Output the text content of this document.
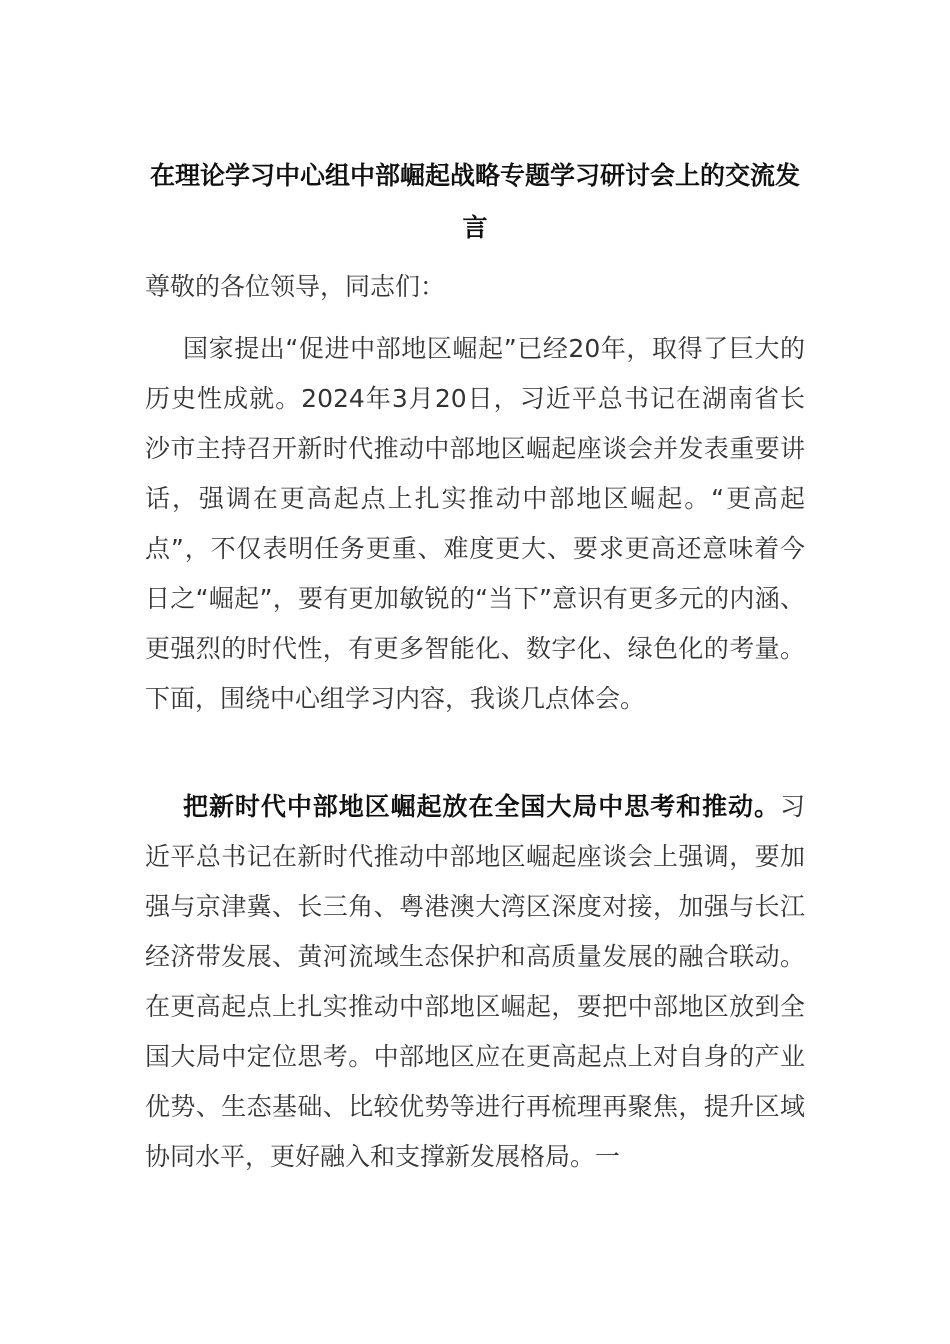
在理论学习中心组中部崛起战略专题学习研讨会上的交流发言

尊敬的各位领导，同志们：

国家提出“促进中部地区崛起”已经20年，取得了巨大的历史性成就。2024年3月20日，习近平总书记在湖南省长沙市主持召开新时代推动中部地区崛起座谈会并发表重要讲话，强调在更高起点上扎实推动中部地区崛起。“更高起点”，不仅表明任务更重、难度更大、要求更高还意味着今日之“崛起”，要有更加敏锐的“当下”意识有更多元的内涵、更强烈的时代性，有更多智能化、数字化、绿色化的考量。下面，围绕中心组学习内容，我谈几点体会。

把新时代中部地区崛起放在全国大局中思考和推动。习近平总书记在新时代推动中部地区崛起座谈会上强调，要加强与京津冀、长三角、粤港澳大湾区深度对接，加强与长江经济带发展、黄河流域生态保护和高质量发展的融合联动。在更高起点上扎实推动中部地区崛起，要把中部地区放到全国大局中定位思考。中部地区应在更高起点上对自身的产业优势、生态基础、比较优势等进行再梳理再聚焦，提升区域协同水平，更好融入和支撑新发展格局。一
